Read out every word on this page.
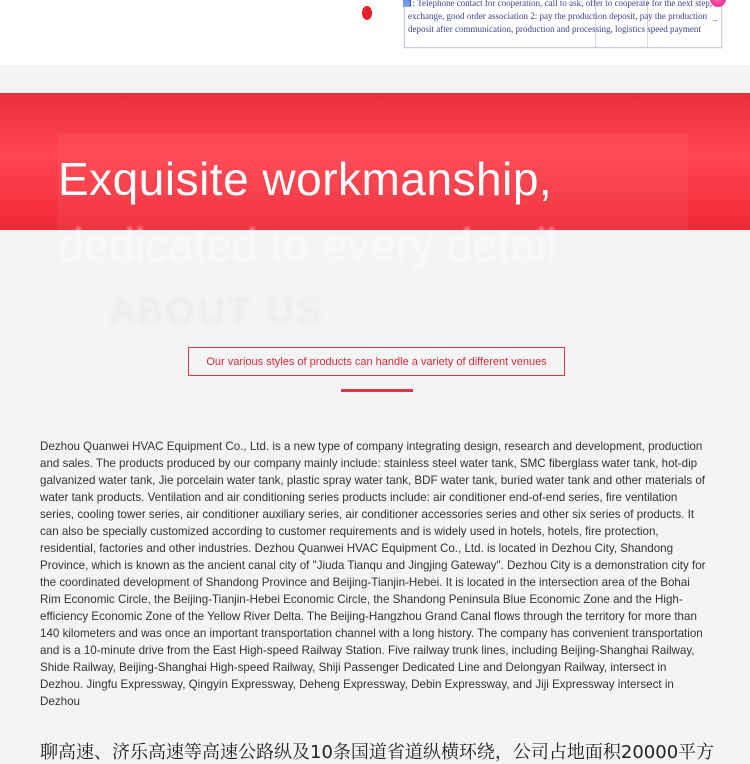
1: Telephone contact for cooperation, call to ask, offer to cooperate for the next step, exchange, good order association 2: pay the production deposit, pay the production deposit after communication, production and processing, logistics speed payment
→
Exquisite workmanship,
dedicated to every detail
ABOUT US
Our various styles of products can handle a variety of different venues

Dezhou Quanwei HVAC Equipment Co., Ltd. is a new type of company integrating design, research and development, production and sales. The products produced by our company mainly include: stainless steel water tank, SMC fiberglass water tank, hot-dip galvanized water tank, Jie porcelain water tank, plastic spray water tank, BDF water tank, buried water tank and other materials of water tank products. Ventilation and air conditioning series products include: air conditioner end-of-end series, fire ventilation series, cooling tower series, air conditioner auxiliary series, air conditioner accessories series and other six series of products. It can also be specially customized according to customer requirements and is widely used in hotels, hotels, fire protection, residential, factories and other industries. Dezhou Quanwei HVAC Equipment Co., Ltd. is located in Dezhou City, Shandong Province, which is known as the ancient canal city of "Jiuda Tianqu and Jingjing Gateway". Dezhou City is a demonstration city for the coordinated development of Shandong Province and Beijing-Tianjin-Hebei. It is located in the intersection area of the Bohai Rim Economic Circle, the Beijing-Tianjin-Hebei Economic Circle, the Shandong Peninsula Blue Economic Zone and the High-efficiency Economic Zone of the Yellow River Delta. The Beijing-Hangzhou Grand Canal flows through the territory for more than 140 kilometers and was once an important transportation channel with a long history. The company has convenient transportation and is a 10-minute drive from the East High-speed Railway Station. Five railway trunk lines, including Beijing-Shanghai Railway, Shide Railway, Beijing-Shanghai High-speed Railway, Shiji Passenger Dedicated Line and Delongyan Railway, intersect in Dezhou. Jingfu Expressway, Qingyin Expressway, Deheng Expressway, Debin Expressway, and Jiji Expressway intersect in Dezhou

聊高速、济乐高速等高速公路纵及10条国道省道纵横环绕，公司占地面积20000平方
